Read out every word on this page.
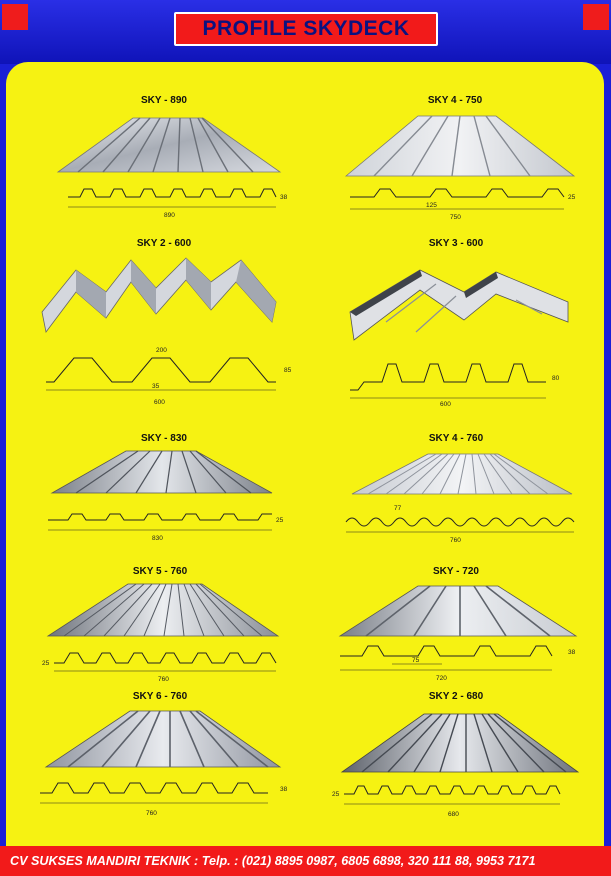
PROFILE SKYDECK
SKY - 890
890
38
SKY 2 - 600
200
35
600
85
SKY - 830
830
25
SKY 5 - 760
25
760
SKY 6 - 760
760
38
SKY 4 - 750
125
750
25
SKY 3 - 600
600
80
SKY 4 - 760
77
760
SKY - 720
75
720
38
SKY 2 - 680
25
680
CV SUKSES MANDIRI TEKNIK : Telp. : (021) 8895 0987, 6805 6898, 320 111 88, 9953 7171
